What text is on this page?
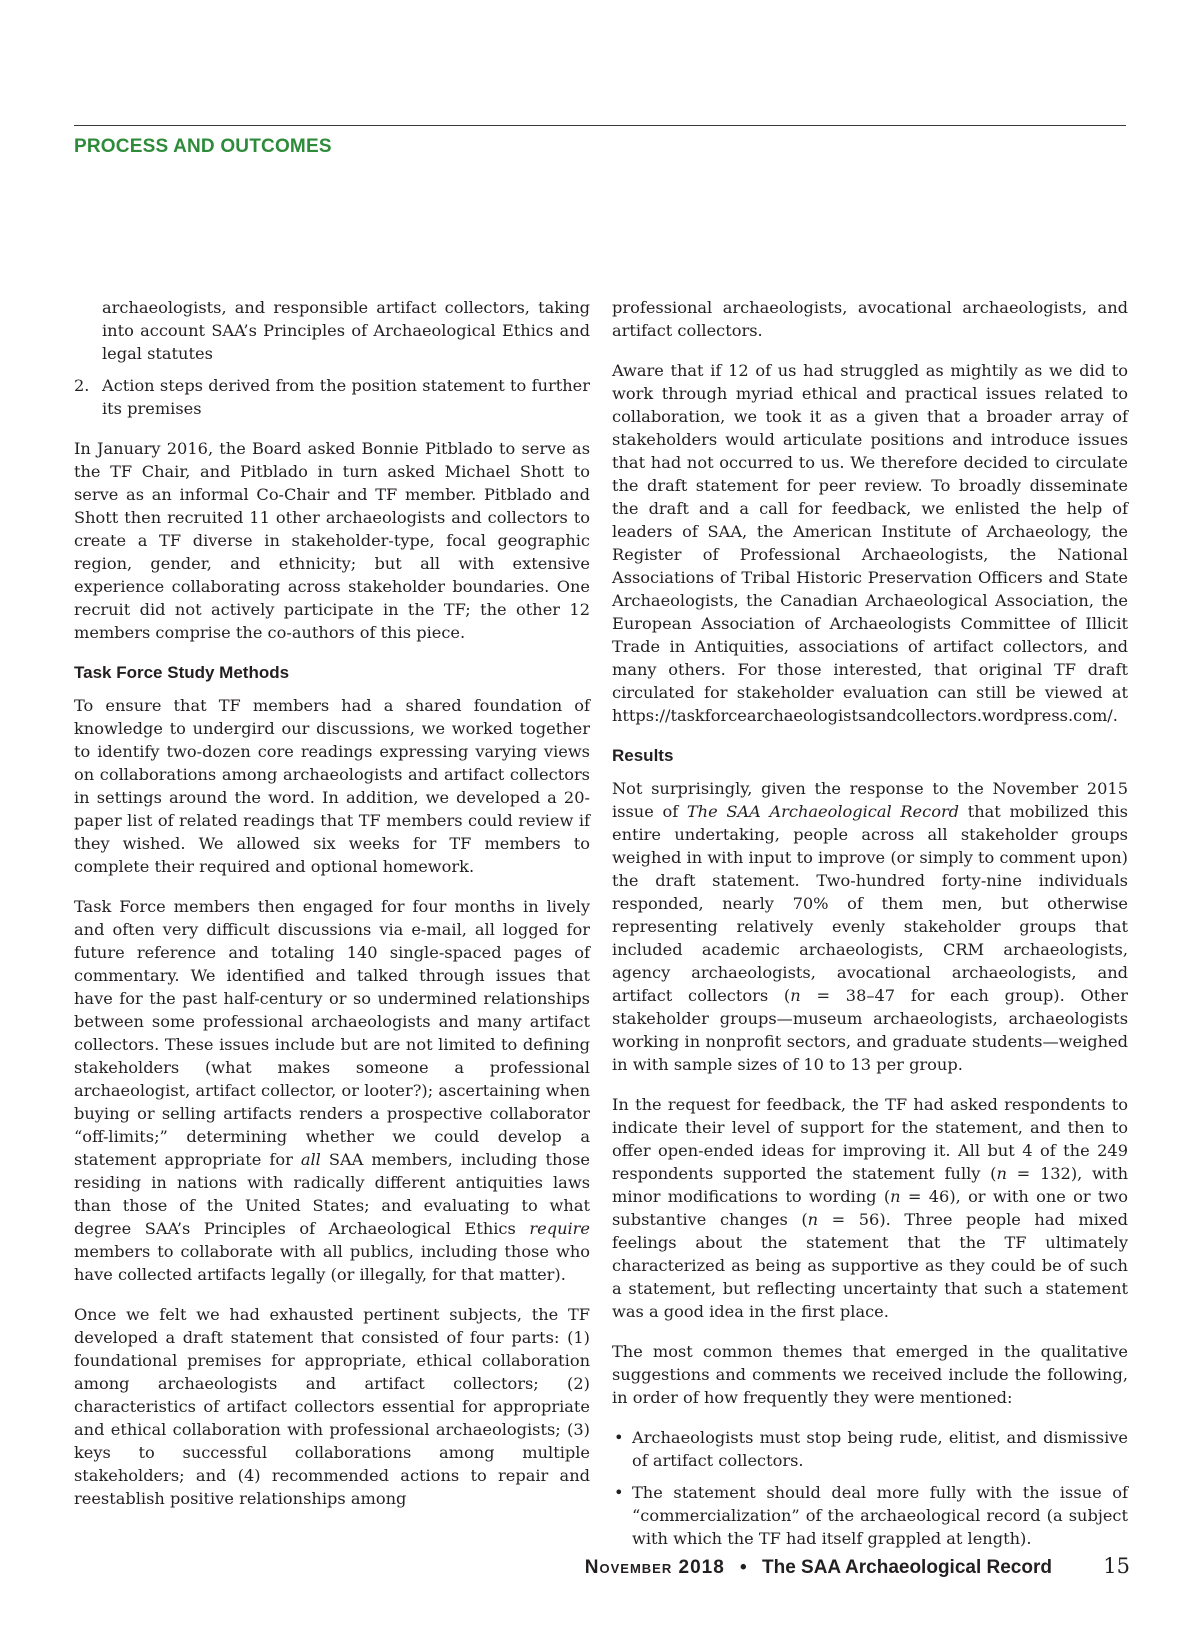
PROCESS AND OUTCOMES

archaeologists, and responsible artifact collectors, taking into account SAA’s Principles of Archaeological Ethics and legal statutes

2. Action steps derived from the position statement to further its premises

In January 2016, the Board asked Bonnie Pitblado to serve as the TF Chair, and Pitblado in turn asked Michael Shott to serve as an informal Co-Chair and TF member. Pitblado and Shott then recruited 11 other archaeologists and collectors to create a TF diverse in stakeholder-type, focal geographic region, gender, and ethnicity; but all with extensive experience collaborating across stakeholder boundaries. One recruit did not actively participate in the TF; the other 12 members comprise the co-authors of this piece.

Task Force Study Methods

To ensure that TF members had a shared foundation of knowledge to undergird our discussions, we worked together to identify two-dozen core readings expressing varying views on collaborations among archaeologists and artifact collectors in settings around the word. In addition, we developed a 20-paper list of related readings that TF members could review if they wished. We allowed six weeks for TF members to complete their required and optional homework.

Task Force members then engaged for four months in lively and often very difficult discussions via e-mail, all logged for future reference and totaling 140 single-spaced pages of commentary. We identified and talked through issues that have for the past half-century or so undermined relationships between some professional archaeologists and many artifact collectors. These issues include but are not limited to defining stakeholders (what makes someone a professional archaeologist, artifact collector, or looter?); ascertaining when buying or selling artifacts renders a prospective collaborator “off-limits;” determining whether we could develop a statement appropriate for all SAA members, including those residing in nations with radically different antiquities laws than those of the United States; and evaluating to what degree SAA’s Principles of Archaeological Ethics require members to collaborate with all publics, including those who have collected artifacts legally (or illegally, for that matter).

Once we felt we had exhausted pertinent subjects, the TF developed a draft statement that consisted of four parts: (1) foundational premises for appropriate, ethical collaboration among archaeologists and artifact collectors; (2) characteristics of artifact collectors essential for appropriate and ethical collaboration with professional archaeologists; (3) keys to successful collaborations among multiple stakeholders; and (4) recommended actions to repair and reestablish positive relationships among

professional archaeologists, avocational archaeologists, and artifact collectors.

Aware that if 12 of us had struggled as mightily as we did to work through myriad ethical and practical issues related to collaboration, we took it as a given that a broader array of stakeholders would articulate positions and introduce issues that had not occurred to us. We therefore decided to circulate the draft statement for peer review. To broadly disseminate the draft and a call for feedback, we enlisted the help of leaders of SAA, the American Institute of Archaeology, the Register of Professional Archaeologists, the National Associations of Tribal Historic Preservation Officers and State Archaeologists, the Canadian Archaeological Association, the European Association of Archaeologists Committee of Illicit Trade in Antiquities, associations of artifact collectors, and many others. For those interested, that original TF draft circulated for stakeholder evaluation can still be viewed at https://taskforcearchaeologistsandcollectors.wordpress.com/.

Results

Not surprisingly, given the response to the November 2015 issue of The SAA Archaeological Record that mobilized this entire undertaking, people across all stakeholder groups weighed in with input to improve (or simply to comment upon) the draft statement. Two-hundred forty-nine individuals responded, nearly 70% of them men, but otherwise representing relatively evenly stakeholder groups that included academic archaeologists, CRM archaeologists, agency archaeologists, avocational archaeologists, and artifact collectors (n = 38–47 for each group). Other stakeholder groups—museum archaeologists, archaeologists working in nonprofit sectors, and graduate students—weighed in with sample sizes of 10 to 13 per group.

In the request for feedback, the TF had asked respondents to indicate their level of support for the statement, and then to offer open-ended ideas for improving it. All but 4 of the 249 respondents supported the statement fully (n = 132), with minor modifications to wording (n = 46), or with one or two substantive changes (n = 56). Three people had mixed feelings about the statement that the TF ultimately characterized as being as supportive as they could be of such a statement, but reflecting uncertainty that such a statement was a good idea in the first place.

The most common themes that emerged in the qualitative suggestions and comments we received include the following, in order of how frequently they were mentioned:

• Archaeologists must stop being rude, elitist, and dismissive of artifact collectors.
• The statement should deal more fully with the issue of “commercialization” of the archaeological record (a subject with which the TF had itself grappled at length).
November 2018 • The SAA Archaeological Record 15
